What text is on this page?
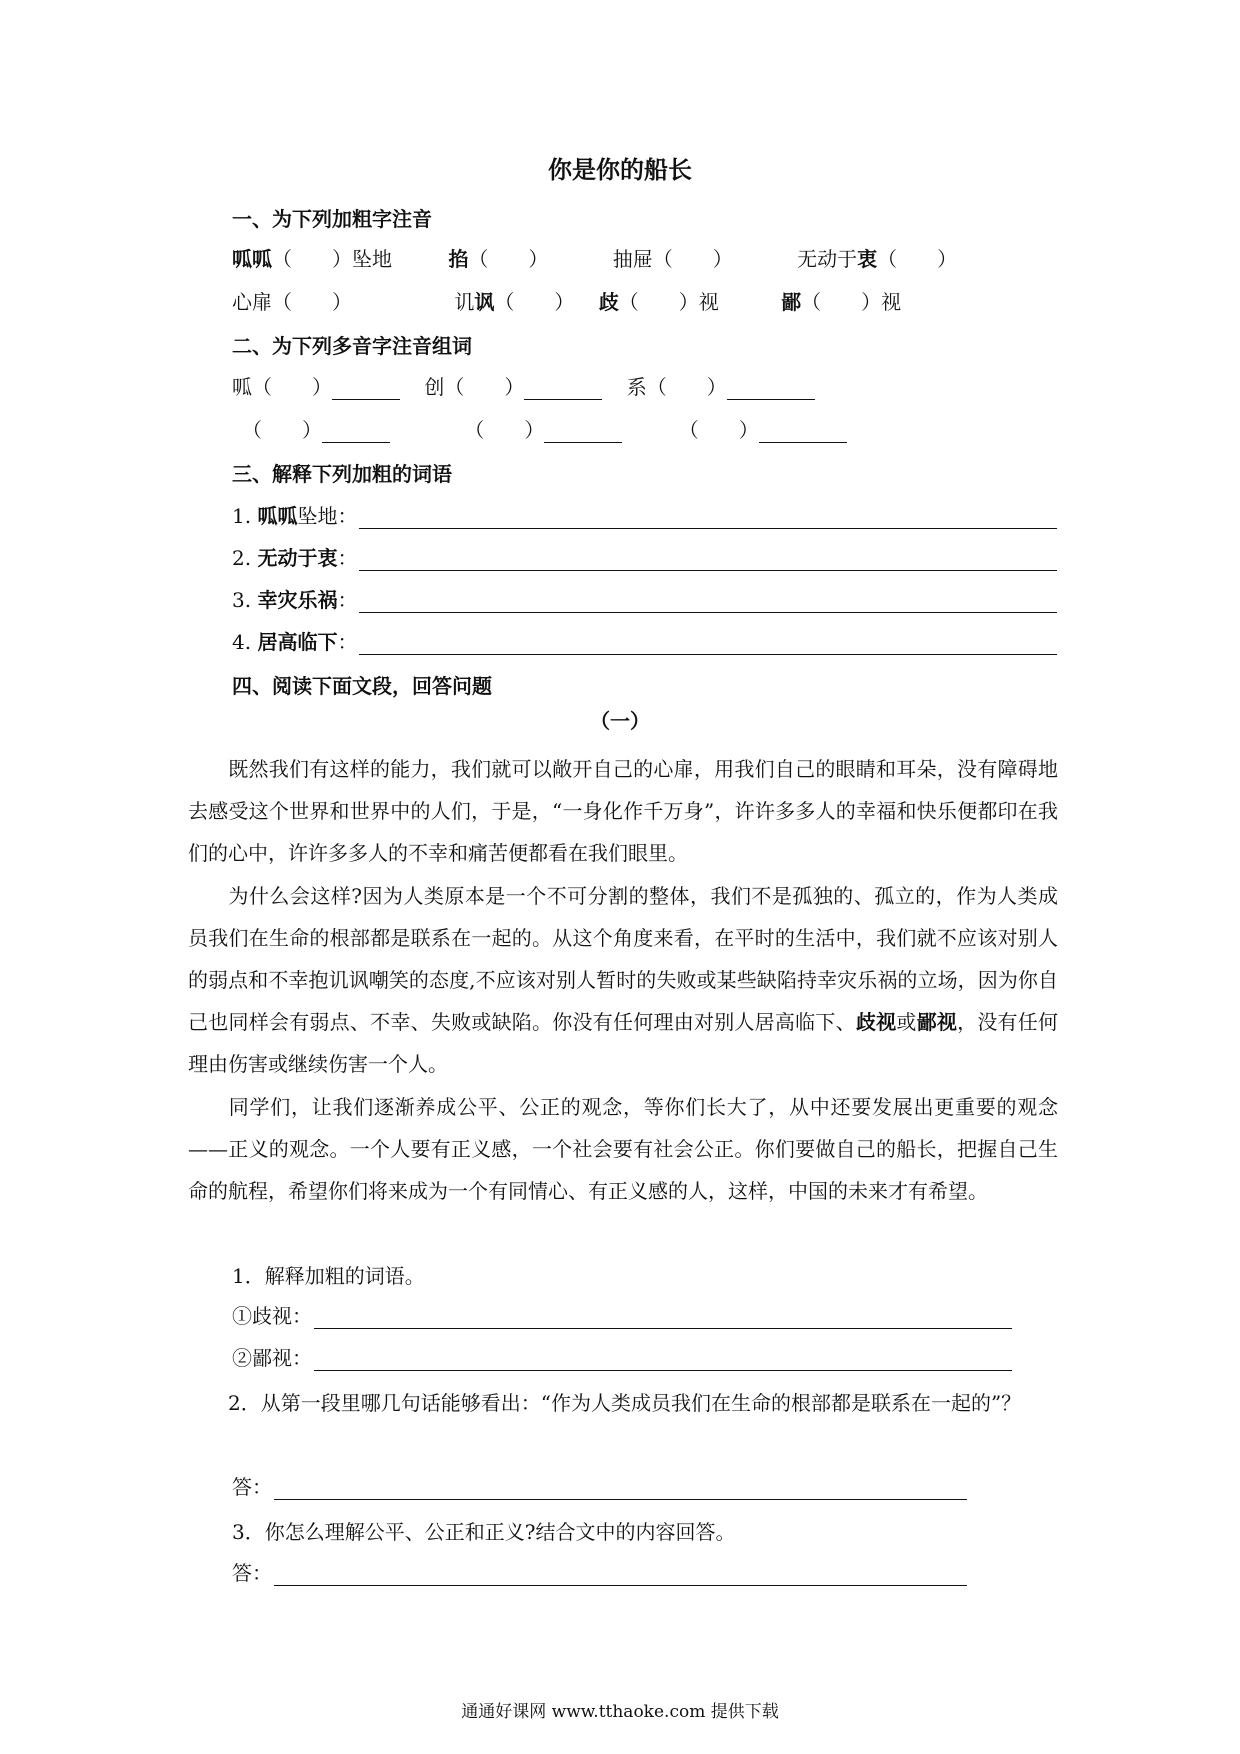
你是你的船长
一、为下列加粗字注音
呱呱（　　）坠地	掐（　　）	抽屉（　　）	无动于衷（　　）
心扉（　　）	讥讽（　　） 歧（　　）视	鄙（　　）视
二、为下列多音字注音组词
呱（　　）	创（　　）	系（　　）
（　　）	（　　）	（　　）
三、解释下列加粗的词语
1. 呱呱坠地：
2. 无动于衷：
3. 幸灾乐祸：
4. 居高临下：
四、阅读下面文段，回答问题
（一）
既然我们有这样的能力，我们就可以敞开自己的心扉，用我们自己的眼睛和耳朵，没有障碍地去感受这个世界和世界中的人们，于是，“一身化作千万身”，许许多多人的幸福和快乐便都印在我们的心中，许许多多人的不幸和痛苦便都看在我们眼里。
为什么会这样?因为人类原本是一个不可分割的整体，我们不是孤独的、孤立的，作为人类成员我们在生命的根部都是联系在一起的。从这个角度来看，在平时的生活中，我们就不应该对别人的弱点和不幸抱讥讽嘲笑的态度,不应该对别人暂时的失败或某些缺陷持幸灾乐祸的立场，因为你自己也同样会有弱点、不幸、失败或缺陷。你没有任何理由对别人居高临下、歧视或鄙视，没有任何理由伤害或继续伤害一个人。
同学们，让我们逐渐养成公平、公正的观念，等你们长大了，从中还要发展出更重要的观念——正义的观念。一个人要有正义感，一个社会要有社会公正。你们要做自己的船长，把握自己生命的航程，希望你们将来成为一个有同情心、有正义感的人，这样，中国的未来才有希望。
1．解释加粗的词语。
①歧视：
②鄙视：
2．从第一段里哪几句话能够看出：“作为人类成员我们在生命的根部都是联系在一起的”？
答：
3．你怎么理解公平、公正和正义?结合文中的内容回答。
答：
通通好课网 www.tthaoke.com 提供下载
